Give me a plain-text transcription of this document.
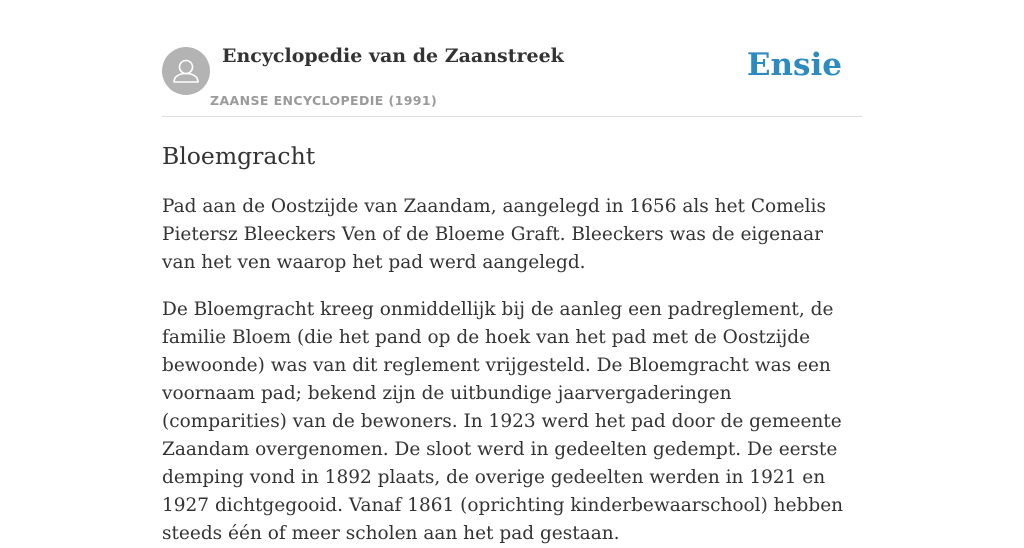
Encyclopedie van de Zaanstreek
ZAANSE ENCYCLOPEDIE (1991)
Ensie
Bloemgracht

Pad aan de Oostzijde van Zaandam, aangelegd in 1656 als het Comelis Pietersz Bleeckers Ven of de Bloeme Graft. Bleeckers was de eigenaar van het ven waarop het pad werd aangelegd.

De Bloemgracht kreeg onmiddellijk bij de aanleg een padreglement, de familie Bloem (die het pand op de hoek van het pad met de Oostzijde bewoonde) was van dit reglement vrijgesteld. De Bloemgracht was een voornaam pad; bekend zijn de uitbundige jaarvergaderingen (comparities) van de bewoners. In 1923 werd het pad door de gemeente Zaandam overgenomen. De sloot werd in gedeelten gedempt. De eerste demping vond in 1892 plaats, de overige gedeelten werden in 1921 en 1927 dichtgegooid. Vanaf 1861 (oprichting kinderbewaarschool) hebben steeds één of meer scholen aan het pad gestaan.
